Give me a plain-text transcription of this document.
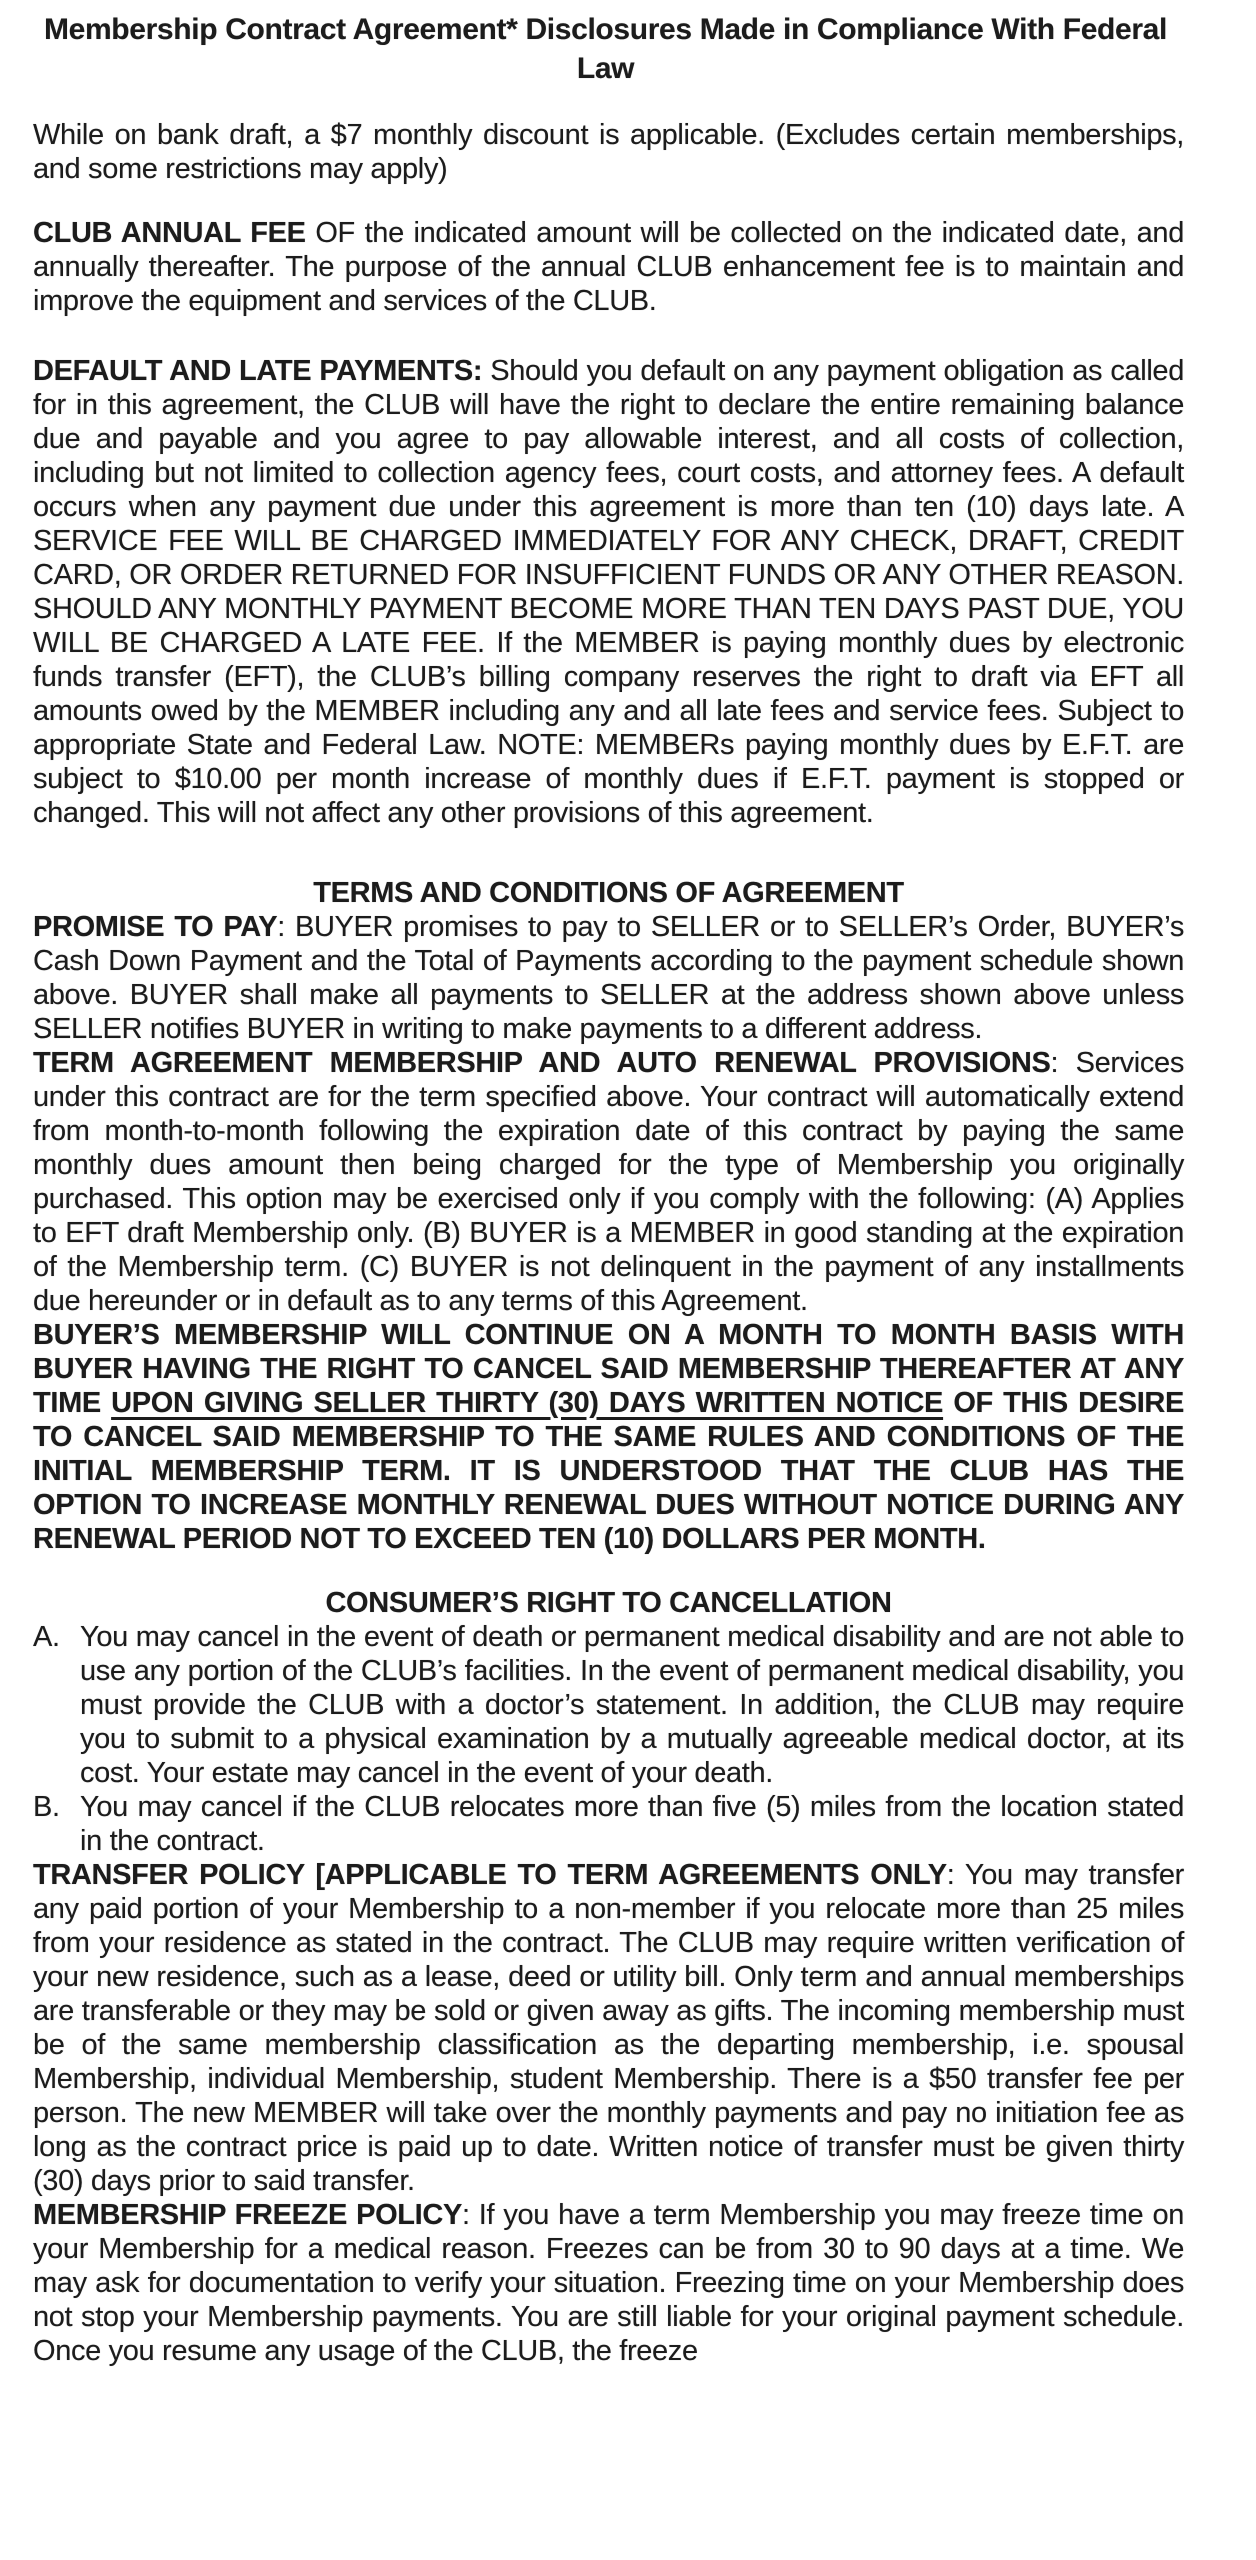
Membership Contract Agreement* Disclosures Made in Compliance With Federal Law

While on bank draft, a $7 monthly discount is applicable. (Excludes certain memberships, and some restrictions may apply)

CLUB ANNUAL FEE OF the indicated amount will be collected on the indicated date, and annually thereafter. The purpose of the annual CLUB enhancement fee is to maintain and improve the equipment and services of the CLUB.

DEFAULT AND LATE PAYMENTS: Should you default on any payment obligation as called for in this agreement, the CLUB will have the right to declare the entire remaining balance due and payable and you agree to pay allowable interest, and all costs of collection, including but not limited to collection agency fees, court costs, and attorney fees. A default occurs when any payment due under this agreement is more than ten (10) days late. A SERVICE FEE WILL BE CHARGED IMMEDIATELY FOR ANY CHECK, DRAFT, CREDIT CARD, OR ORDER RETURNED FOR INSUFFICIENT FUNDS OR ANY OTHER REASON. SHOULD ANY MONTHLY PAYMENT BECOME MORE THAN TEN DAYS PAST DUE, YOU WILL BE CHARGED A LATE FEE. If the MEMBER is paying monthly dues by electronic funds transfer (EFT), the CLUB’s billing company reserves the right to draft via EFT all amounts owed by the MEMBER including any and all late fees and service fees. Subject to appropriate State and Federal Law. NOTE: MEMBERs paying monthly dues by E.F.T. are subject to $10.00 per month increase of monthly dues if E.F.T. payment is stopped or changed. This will not affect any other provisions of this agreement.

TERMS AND CONDITIONS OF AGREEMENT

PROMISE TO PAY: BUYER promises to pay to SELLER or to SELLER’s Order, BUYER’s Cash Down Payment and the Total of Payments according to the payment schedule shown above. BUYER shall make all payments to SELLER at the address shown above unless SELLER notifies BUYER in writing to make payments to a different address.

TERM AGREEMENT MEMBERSHIP AND AUTO RENEWAL PROVISIONS: Services under this contract are for the term specified above. Your contract will automatically extend from month-to-month following the expiration date of this contract by paying the same monthly dues amount then being charged for the type of Membership you originally purchased. This option may be exercised only if you comply with the following: (A) Applies to EFT draft Membership only. (B) BUYER is a MEMBER in good standing at the expiration of the Membership term. (C) BUYER is not delinquent in the payment of any installments due hereunder or in default as to any terms of this Agreement.

BUYER’S MEMBERSHIP WILL CONTINUE ON A MONTH TO MONTH BASIS WITH BUYER HAVING THE RIGHT TO CANCEL SAID MEMBERSHIP THEREAFTER AT ANY TIME UPON GIVING SELLER THIRTY (30) DAYS WRITTEN NOTICE OF THIS DESIRE TO CANCEL SAID MEMBERSHIP TO THE SAME RULES AND CONDITIONS OF THE INITIAL MEMBERSHIP TERM. IT IS UNDERSTOOD THAT THE CLUB HAS THE OPTION TO INCREASE MONTHLY RENEWAL DUES WITHOUT NOTICE DURING ANY RENEWAL PERIOD NOT TO EXCEED TEN (10) DOLLARS PER MONTH.

CONSUMER’S RIGHT TO CANCELLATION
A. You may cancel in the event of death or permanent medical disability and are not able to use any portion of the CLUB’s facilities. In the event of permanent medical disability, you must provide the CLUB with a doctor’s statement. In addition, the CLUB may require you to submit to a physical examination by a mutually agreeable medical doctor, at its cost. Your estate may cancel in the event of your death.
B. You may cancel if the CLUB relocates more than five (5) miles from the location stated in the contract.

TRANSFER POLICY [APPLICABLE TO TERM AGREEMENTS ONLY: You may transfer any paid portion of your Membership to a non-member if you relocate more than 25 miles from your residence as stated in the contract. The CLUB may require written verification of your new residence, such as a lease, deed or utility bill. Only term and annual memberships are transferable or they may be sold or given away as gifts. The incoming membership must be of the same membership classification as the departing membership, i.e. spousal Membership, individual Membership, student Membership. There is a $50 transfer fee per person. The new MEMBER will take over the monthly payments and pay no initiation fee as long as the contract price is paid up to date. Written notice of transfer must be given thirty (30) days prior to said transfer.

MEMBERSHIP FREEZE POLICY: If you have a term Membership you may freeze time on your Membership for a medical reason. Freezes can be from 30 to 90 days at a time. We may ask for documentation to verify your situation. Freezing time on your Membership does not stop your Membership payments. You are still liable for your original payment schedule. Once you resume any usage of the CLUB, the freeze
